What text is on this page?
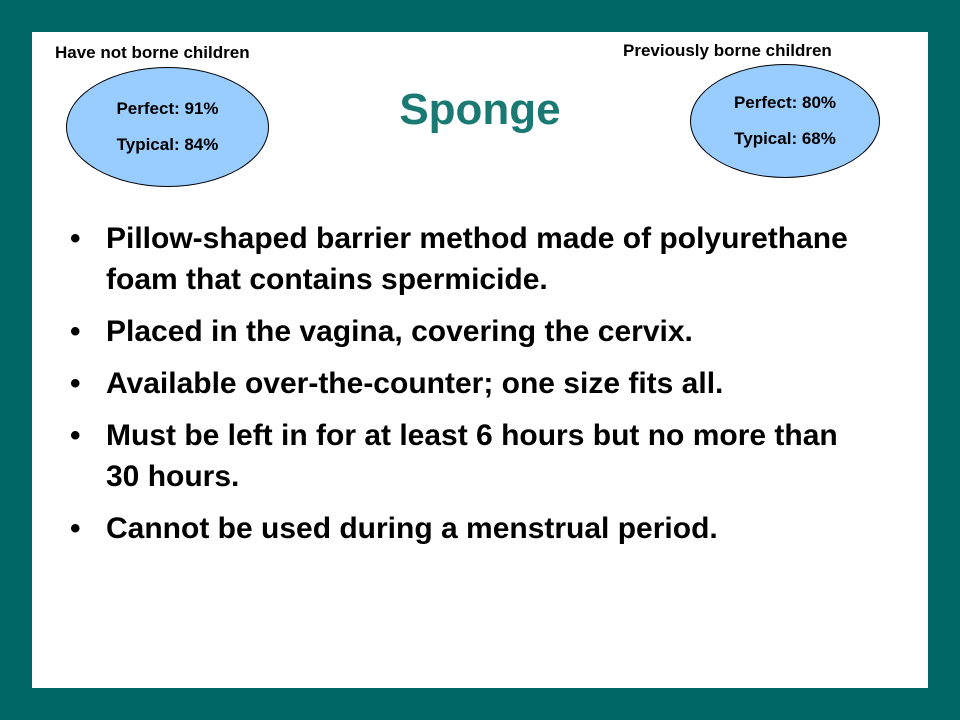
Have not borne children
Perfect: 91%
Typical: 84%
Sponge
Previously borne children
Perfect: 80%
Typical: 68%
• Pillow-shaped barrier method made of polyurethane foam that contains spermicide.
• Placed in the vagina, covering the cervix.
• Available over-the-counter; one size fits all.
• Must be left in for at least 6 hours but no more than 30 hours.
• Cannot be used during a menstrual period.
